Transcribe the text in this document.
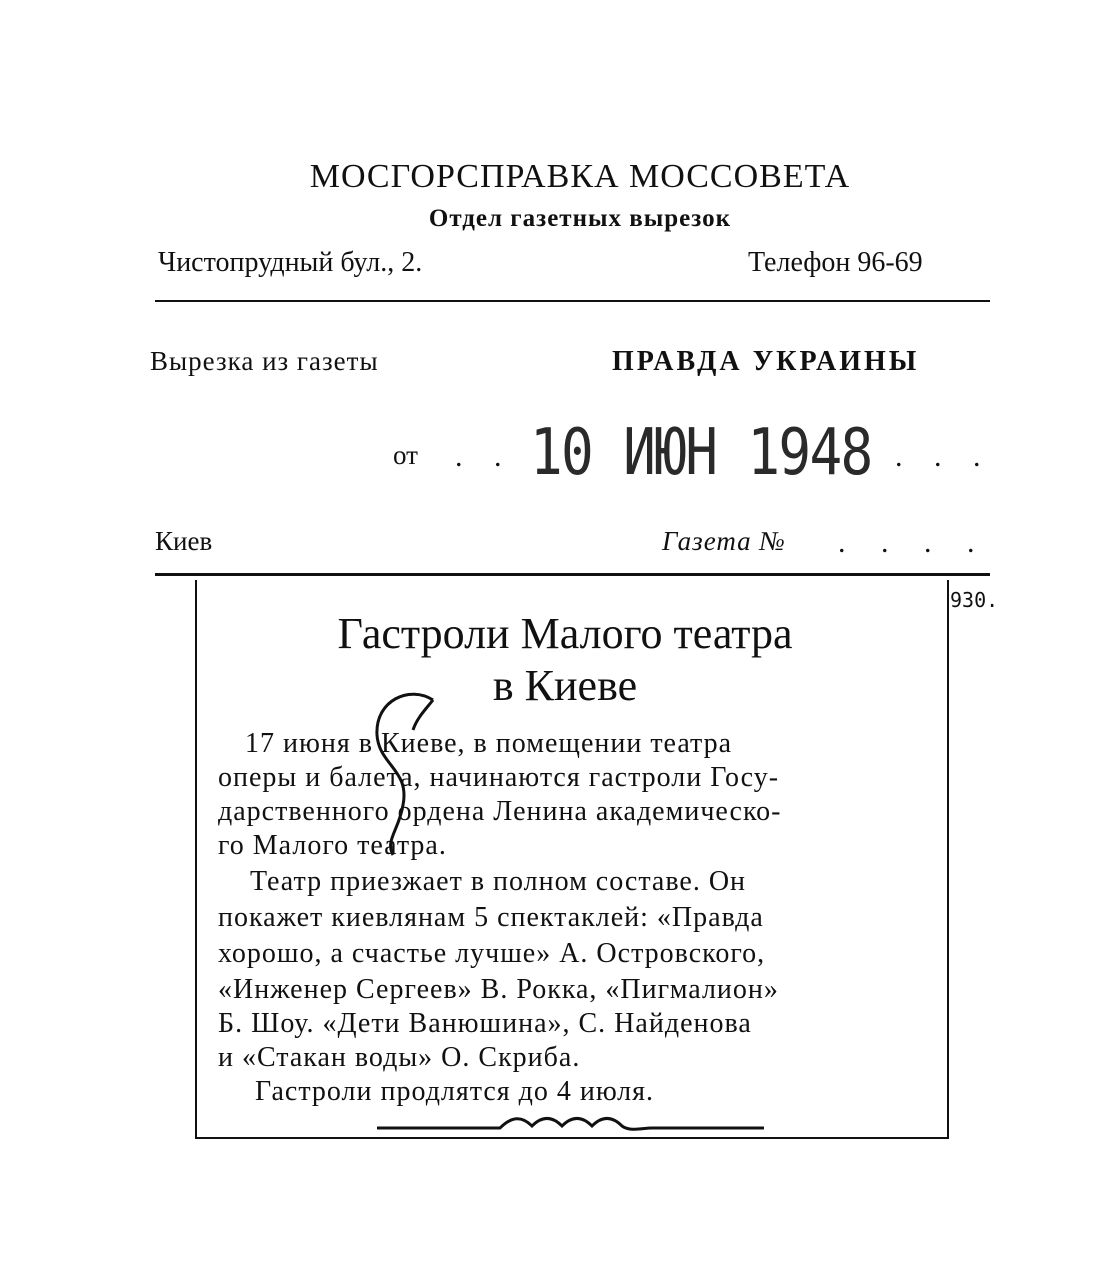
МОСГОРСПРАВКА МОССОВЕТА
Отдел газетных вырезок
Чистопрудный бул., 2.	Телефон 96-69
Вырезка из газеты	ПРАВДА УКРАИНЫ
от . . 10 ИЮН 1948 . . .
Киев	Газета № . . . .
930.
Гастроли Малого театра
в Киеве
17 июня в Киеве, в помещении театра
оперы и балета, начинаются гастроли Госу-
дарственного ордена Ленина академическо-
го Малого театра.
Театр приезжает в полном составе. Он
покажет киевлянам 5 спектаклей: «Правда
хорошо, а счастье лучше» А. Островского,
«Инженер Сергеев» В. Рокка, «Пигмалион»
Б. Шоу. «Дети Ванюшина», С. Найденова
и «Стакан воды» О. Скриба.
Гастроли продлятся до 4 июля.
